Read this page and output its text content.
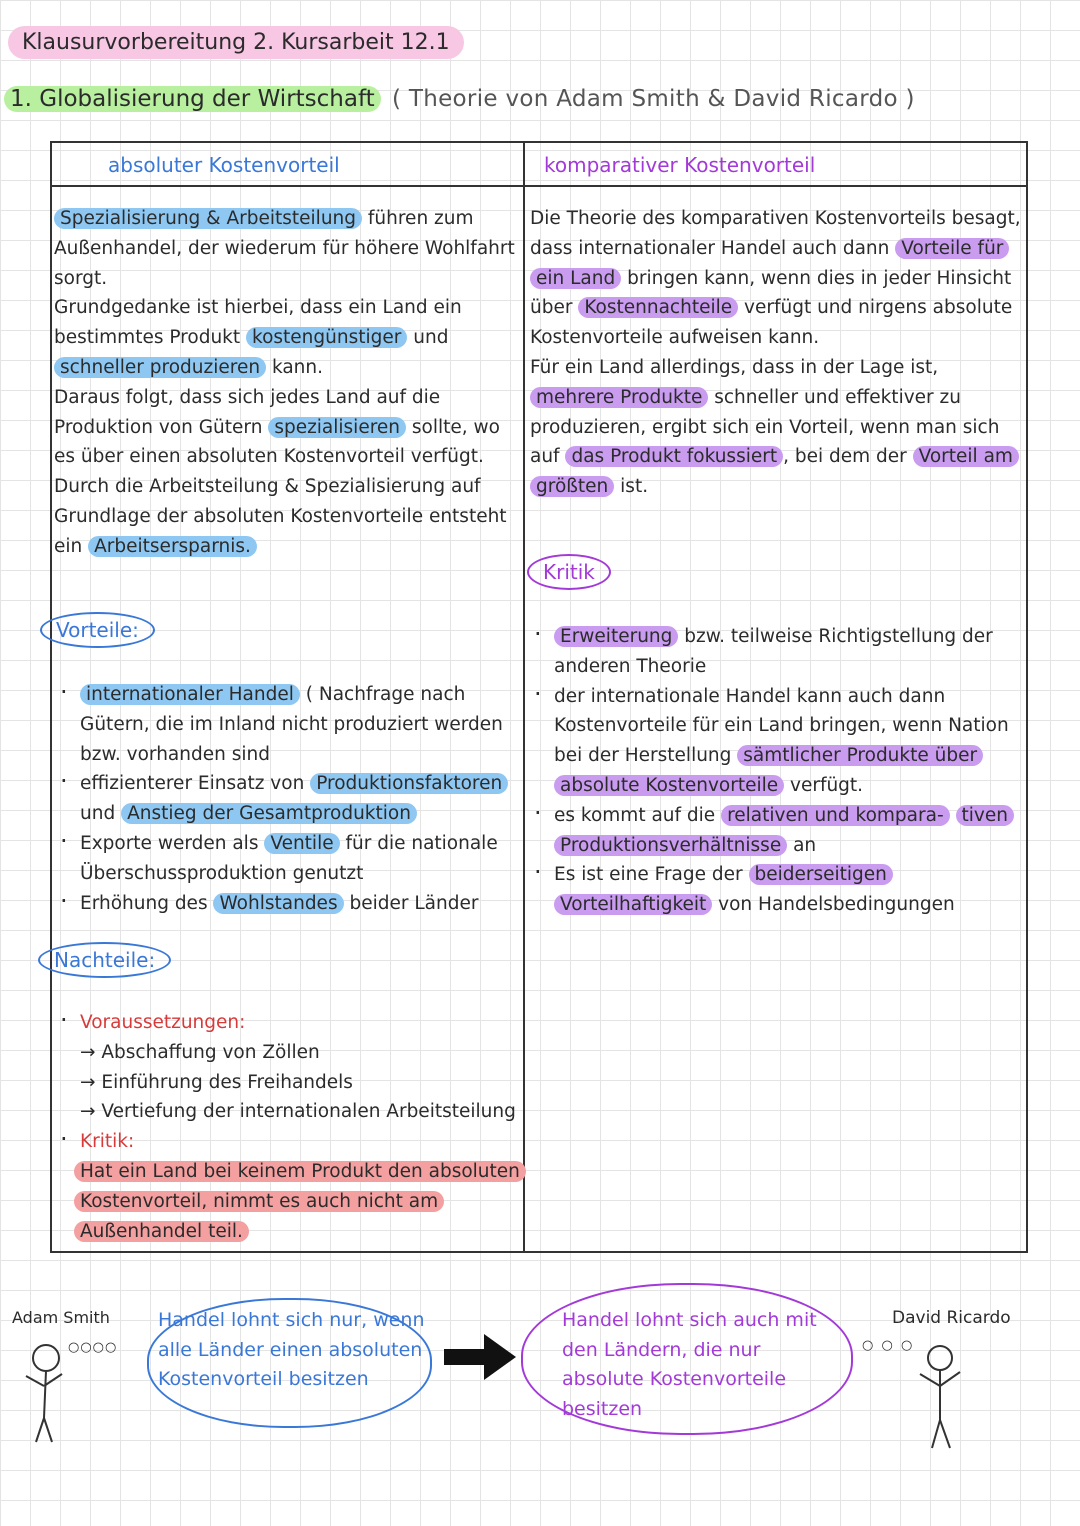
Klausurvorbereitung 2. Kursarbeit 12.1
1. Globalisierung der Wirtschaft ( Theorie von Adam Smith & David Ricardo )
absoluter Kostenvorteil	komparativer Kostenvorteil
Spezialisierung & Arbeitsteilung führen zum Außenhandel, der wiederum für höhere Wohlfahrt sorgt.
Grundgedanke ist hierbei, dass ein Land ein bestimmtes Produkt kostengünstiger und schneller produzieren kann.
Daraus folgt, dass sich jedes Land auf die Produktion von Gütern spezialisieren sollte, wo es über einen absoluten Kostenvorteil verfügt.
Durch die Arbeitsteilung & Spezialisierung auf Grundlage der absoluten Kostenvorteile entsteht ein Arbeitsersparnis.
Vorteile:
· internationaler Handel ( Nachfrage nach Gütern, die im Inland nicht produziert werden bzw. vorhanden sind
· effizienterer Einsatz von Produktionsfaktoren und Anstieg der Gesamtproduktion
· Exporte werden als Ventile für die nationale Überschussproduktion genutzt
· Erhöhung des Wohlstandes beider Länder
Nachteile:
· Voraussetzungen:
→ Abschaffung von Zöllen
→ Einführung des Freihandels
→ Vertiefung der internationalen Arbeitsteilung
· Kritik:
Hat ein Land bei keinem Produkt den absoluten Kostenvorteil, nimmt es auch nicht am Außenhandel teil.
Die Theorie des komparativen Kostenvorteils besagt, dass internationaler Handel auch dann Vorteile für ein Land bringen kann, wenn dies in jeder Hinsicht über Kostennachteile verfügt und nirgens absolute Kostenvorteile aufweisen kann.
Für ein Land allerdings, dass in der Lage ist, mehrere Produkte schneller und effektiver zu produzieren, ergibt sich ein Vorteil, wenn man sich auf das Produkt fokussiert , bei dem der Vorteil am größten ist.
Kritik
· Erweiterung bzw. teilweise Richtigstellung der anderen Theorie
· der internationale Handel kann auch dann Kostenvorteile für ein Land bringen, wenn Nation bei der Herstellung sämtlicher Produkte über absolute Kostenvorteile verfügt.
· es kommt auf die relativen und kompara- tiven Produktionsverhältnisse an
· Es ist eine Frage der beiderseitigen Vorteilhaftigkeit von Handelsbedingungen
Adam Smith	David Ricardo
○○○○
Handel lohnt sich nur, wenn alle Länder einen absoluten Kostenvorteil besitzen
Handel lohnt sich auch mit den Ländern, die nur absolute Kostenvorteile besitzen
○ ○ ○
